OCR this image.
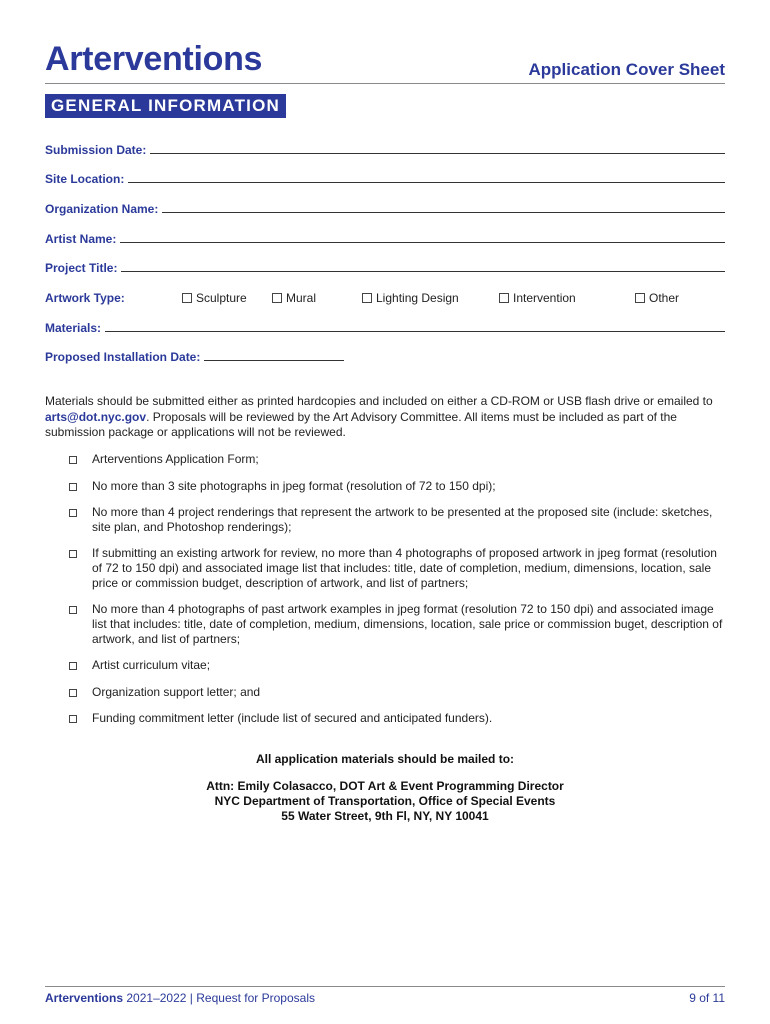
Arterventions	Application Cover Sheet
GENERAL INFORMATION
Submission Date:
Site Location:
Organization Name:
Artist Name:
Project Title:
Artwork Type:	Sculpture	Mural	Lighting Design	Intervention	Other
Materials:
Proposed Installation Date:
Materials should be submitted either as printed hardcopies and included on either a CD-ROM or USB flash drive or emailed to arts@dot.nyc.gov. Proposals will be reviewed by the Art Advisory Committee. All items must be included as part of the submission package or applications will not be reviewed.
Arterventions Application Form;
No more than 3 site photographs in jpeg format (resolution of 72 to 150 dpi);
No more than 4 project renderings that represent the artwork to be presented at the proposed site (include: sketches, site plan, and Photoshop renderings);
If submitting an existing artwork for review, no more than 4 photographs of proposed artwork in jpeg format (resolution of 72 to 150 dpi) and associated image list that includes: title, date of completion, medium, dimensions, location, sale price or commission budget, description of artwork, and list of partners;
No more than 4 photographs of past artwork examples in jpeg format (resolution 72 to 150 dpi) and associated image list that includes: title, date of completion, medium, dimensions, location, sale price or commission buget, description of artwork, and list of partners;
Artist curriculum vitae;
Organization support letter; and
Funding commitment letter (include list of secured and anticipated funders).
All application materials should be mailed to:
Attn: Emily Colasacco, DOT Art & Event Programming Director
NYC Department of Transportation, Office of Special Events
55 Water Street, 9th Fl, NY, NY 10041
Arterventions 2021–2022 | Request for Proposals	9 of 11
